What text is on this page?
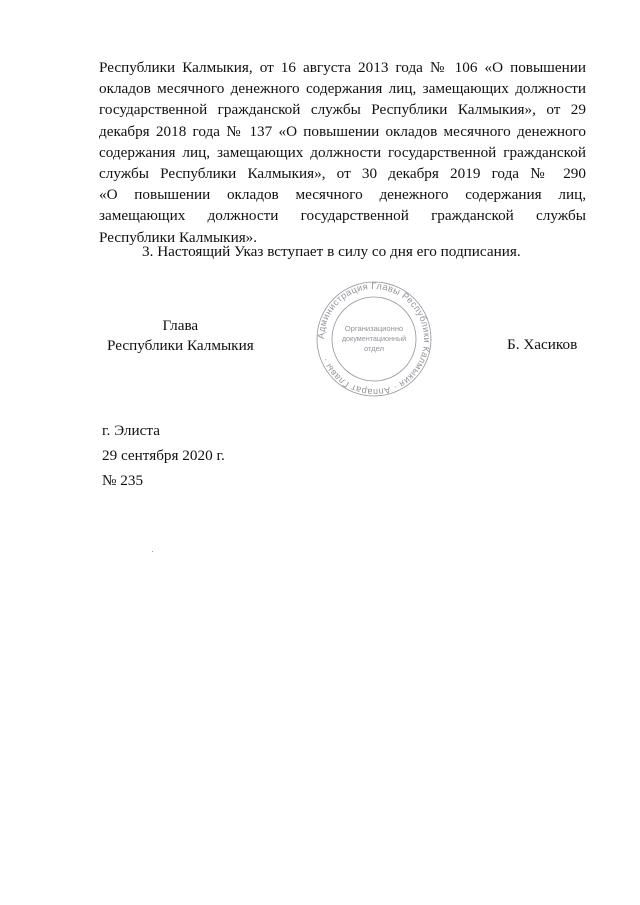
Республики Калмыкия, от 16 августа 2013 года № 106 «О повышении
окладов месячного денежного содержания лиц, замещающих должности
государственной гражданской службы Республики Калмыкия», от 29
декабря 2018 года № 137 «О повышении окладов месячного денежного
содержания лиц, замещающих должности государственной гражданской
службы Республики Калмыкия», от 30 декабря 2019 года № 290
«О повышении окладов месячного денежного содержания лиц,
замещающих должности государственной гражданской службы
Республики Калмыкия».
3. Настоящий Указ вступает в силу со дня его подписания.
Глава
Республики Калмыкия
Администрация Главы Республики Калмыкия · Аппарат Главы ·
Организационно
документационный
отдел	Б. Хасиков
г. Элиста
29 сентября 2020 г.
№ 235
